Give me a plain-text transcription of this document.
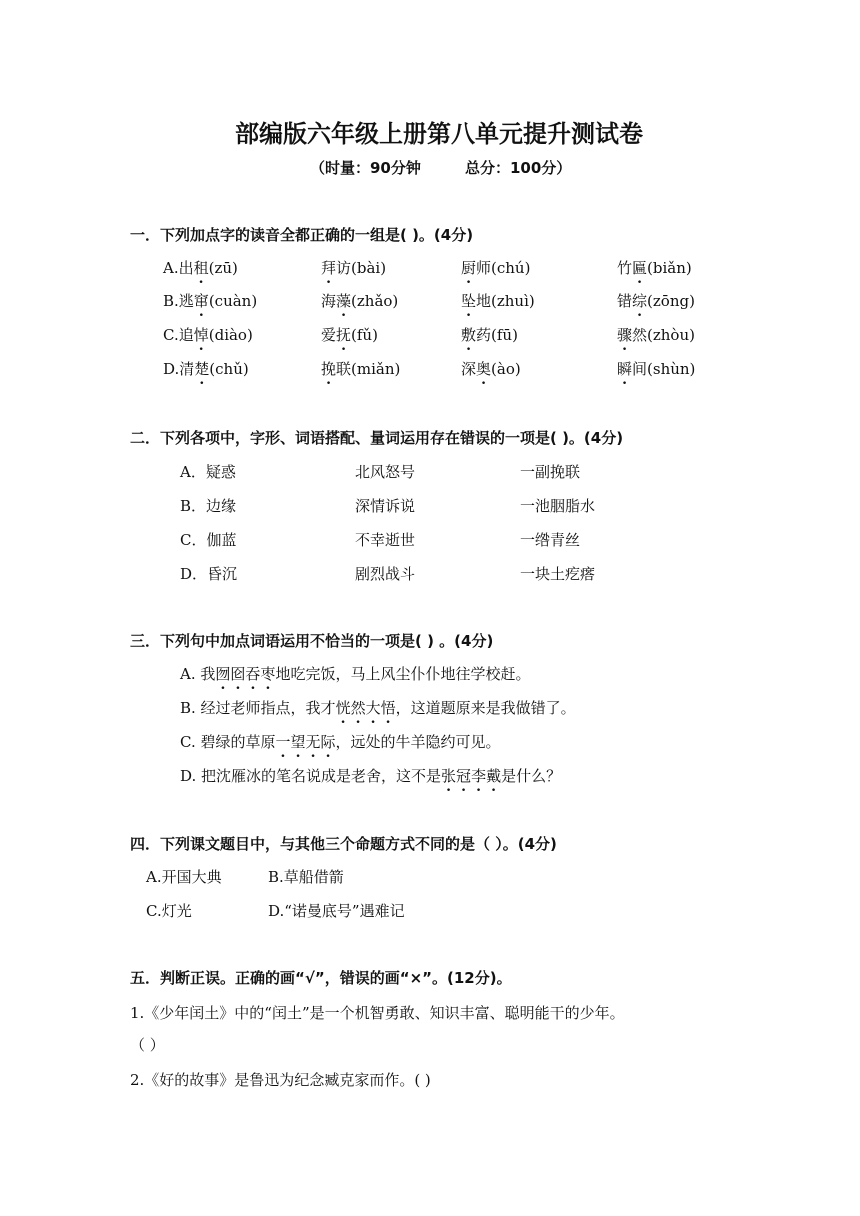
部编版六年级上册第八单元提升测试卷
（时量：90分钟	总分：100分）
一．下列加点字的读音全都正确的一组是( )。(4分)
A.出租(zū)	拜访(bài)	厨师(chú)	竹匾(biǎn)
B.逃窜(cuàn)	海藻(zhǎo)	坠地(zhuì)	错综(zōng)
C.追悼(diào)	爱抚(fǔ)	敷药(fū)	骤然(zhòu)
D.清楚(chǔ)	挽联(miǎn)	深奥(ào)	瞬间(shùn)
二．下列各项中，字形、词语搭配、量词运用存在错误的一项是( )。(4分)
A．疑惑	北风怒号	一副挽联
B．边缘	深情诉说	一池胭脂水
C．伽蓝	不幸逝世	一绺青丝
D．昏沉	剧烈战斗	一块土疙瘩
三．下列句中加点词语运用不恰当的一项是( ) 。(4分)
A. 我囫囵吞枣地吃完饭，马上风尘仆仆地往学校赶。
B. 经过老师指点，我才恍然大悟，这道题原来是我做错了。
C. 碧绿的草原一望无际，远处的牛羊隐约可见。
D. 把沈雁冰的笔名说成是老舍，这不是张冠李戴是什么？
四．下列课文题目中，与其他三个命题方式不同的是（ ）。(4分)
A.开国大典	B.草船借箭
C.灯光	D.“诺曼底号”遇难记
五．判断正误。正确的画“√”，错误的画“×”。(12分)。
1.《少年闰土》中的“闰土”是一个机智勇敢、知识丰富、聪明能干的少年。
（ ）
2.《好的故事》是鲁迅为纪念臧克家而作。( )
